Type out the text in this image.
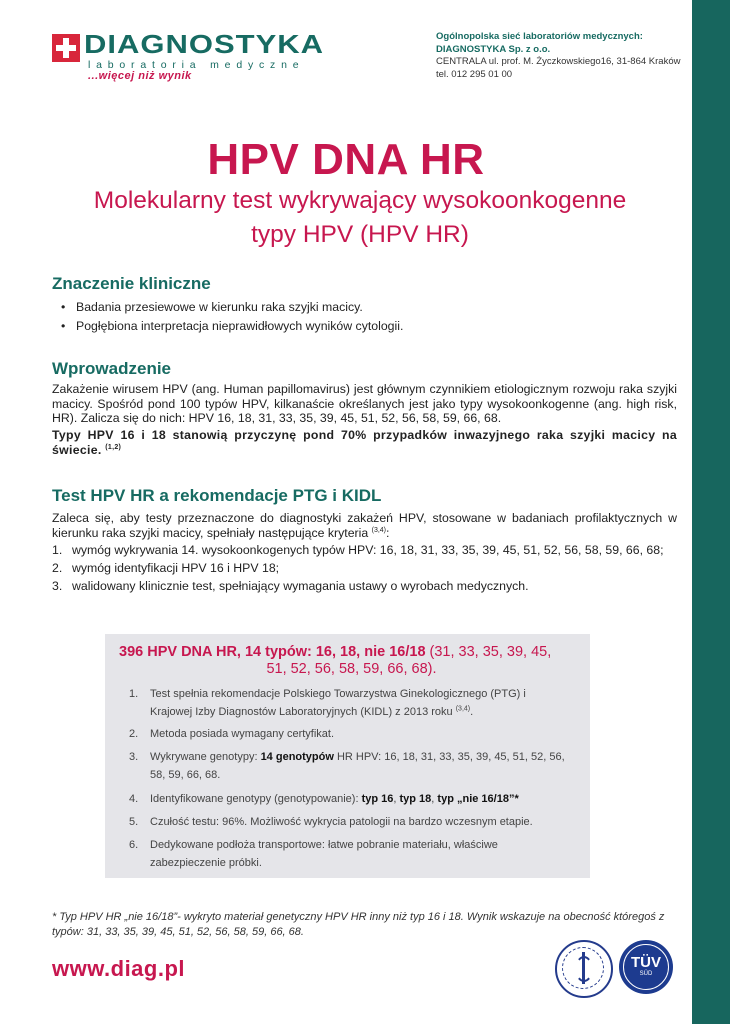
DIAGNOSTYKA
laboratoria medyczne
...więcej niż wynik
Ogólnopolska sieć laboratoriów medycznych:
DIAGNOSTYKA Sp. z o.o.
CENTRALA ul. prof. M. Życzkowskiego16, 31-864 Kraków
tel. 012 295 01 00
HPV DNA HR
Molekularny test wykrywający wysokoonkogenne
typy HPV (HPV HR)
Znaczenie kliniczne
• Badania przesiewowe w kierunku raka szyjki macicy.
• Pogłębiona interpretacja nieprawidłowych wyników cytologii.
Wprowadzenie
Zakażenie wirusem HPV (ang. Human papillomavirus) jest głównym czynnikiem etiologicznym rozwoju raka szyjki macicy. Spośród pond 100 typów HPV, kilkanaście określanych jest jako typy wysokoonkogenne (ang. high risk, HR). Zalicza się do nich: HPV 16, 18, 31, 33, 35, 39, 45, 51, 52, 56, 58, 59, 66, 68.
Typy HPV 16 i 18 stanowią przyczynę pond 70% przypadków inwazyjnego raka szyjki macicy na świecie. $^{(1,2)}$
Test HPV HR a rekomendacje PTG i KIDL
Zaleca się, aby testy przeznaczone do diagnostyki zakażeń HPV, stosowane w badaniach profilaktycznych w kierunku raka szyjki macicy, spełniały następujące kryteria $^{(3,4)}$:
1. wymóg wykrywania 14. wysokoonkogenych typów HPV: 16, 18, 31, 33, 35, 39, 45, 51, 52, 56, 58, 59, 66, 68;
2. wymóg identyfikacji HPV 16 i HPV 18;
3. walidowany klinicznie test, spełniający wymagania ustawy o wyrobach medycznych.
396 HPV DNA HR, 14 typów: 16, 18, nie 16/18 (31, 33, 35, 39, 45,
51, 52, 56, 58, 59, 66, 68).
1. Test spełnia rekomendacje Polskiego Towarzystwa Ginekologicznego (PTG) i Krajowej Izby Diagnostów Laboratoryjnych (KIDL) z 2013 roku $^{(3,4)}$.
2. Metoda posiada wymagany certyfikat.
3. Wykrywane genotypy: 14 genotypów HR HPV: 16, 18, 31, 33, 35, 39, 45, 51, 52, 56, 58, 59, 66, 68.
4. Identyfikowane genotypy (genotypowanie): typ 16, typ 18, typ „nie 16/18”*
5. Czułość testu: 96%. Możliwość wykrycia patologii na bardzo wczesnym etapie.
6. Dedykowane podłoża transportowe: łatwe pobranie materiału, właściwe zabezpieczenie próbki.
* Typ HPV HR „nie 16/18”- wykryto materiał genetyczny HPV HR inny niż typ 16 i 18. Wynik wskazuje na obecność któregoś z typów: 31, 33, 35, 39, 45, 51, 52, 56, 58, 59, 66, 68.
www.diag.pl	TÜV
SÜD
